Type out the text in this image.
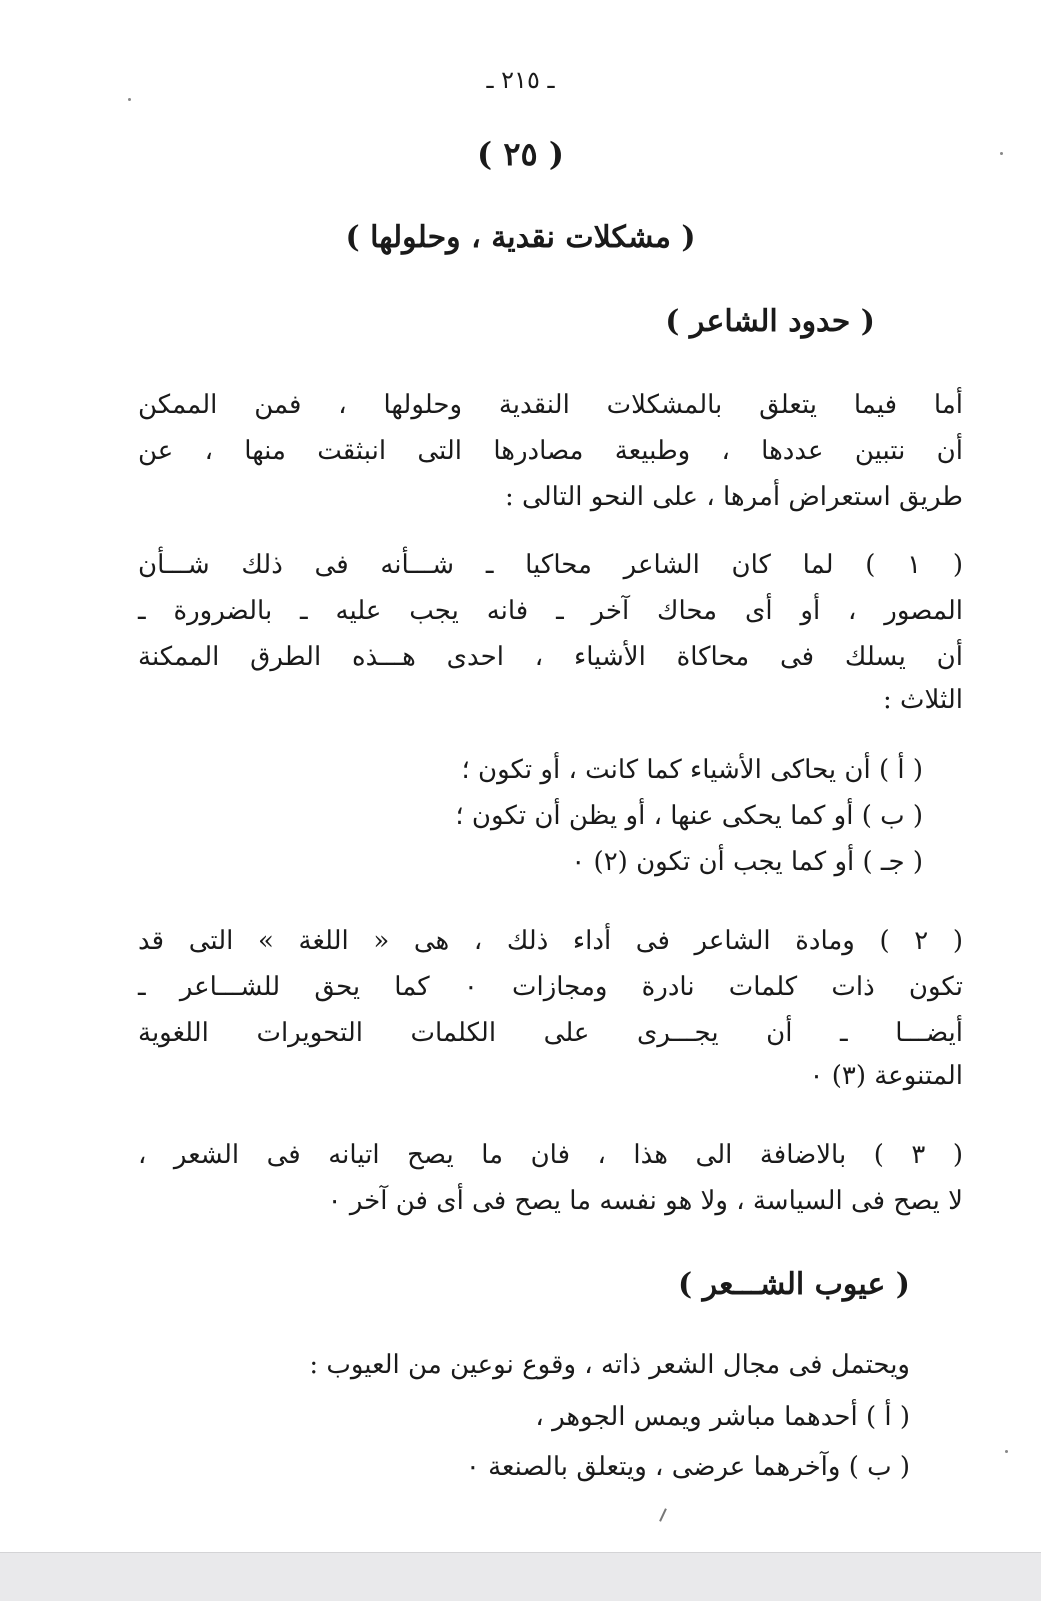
ـ ٢١٥ ـ
( ٢٥ )
( مشكلات نقدية ، وحلولها )
( حدود الشاعر )
أما فيما يتعلق بالمشكلات النقدية وحلولها ، فمن الممكن
أن نتبين عددها ، وطبيعة مصادرها التى انبثقت منها ، عن
طريق استعراض أمرها ، على النحو التالى :
( ١ ) لما كان الشاعر محاكيا ـ شـــأنه فى ذلك شـــأن
المصور ، أو أى محاك آخر ـ فانه يجب عليه ـ بالضرورة ـ
أن يسلك فى محاكاة الأشياء ، احدى هـــذه الطرق الممكنة
الثلاث :
( أ ) أن يحاكى الأشياء كما كانت ، أو تكون ؛
( ب ) أو كما يحكى عنها ، أو يظن أن تكون ؛
( جـ ) أو كما يجب أن تكون (٢) ٠
( ٢ ) ومادة الشاعر فى أداء ذلك ، هى « اللغة » التى قد
تكون ذات كلمات نادرة ومجازات ٠ كما يحق للشـــاعر ـ
أيضـــا ـ أن يجـــرى على الكلمات التحويرات اللغوية
المتنوعة (٣) ٠
( ٣ ) بالاضافة الى هذا ، فان ما يصح اتيانه فى الشعر ،
لا يصح فى السياسة ، ولا هو نفسه ما يصح فى أى فن آخر ٠
( عيوب الشـــعر )
ويحتمل فى مجال الشعر ذاته ، وقوع نوعين من العيوب :
( أ ) أحدهما مباشر ويمس الجوهر ،
( ب ) وآخرهما عرضى ، ويتعلق بالصنعة ٠
